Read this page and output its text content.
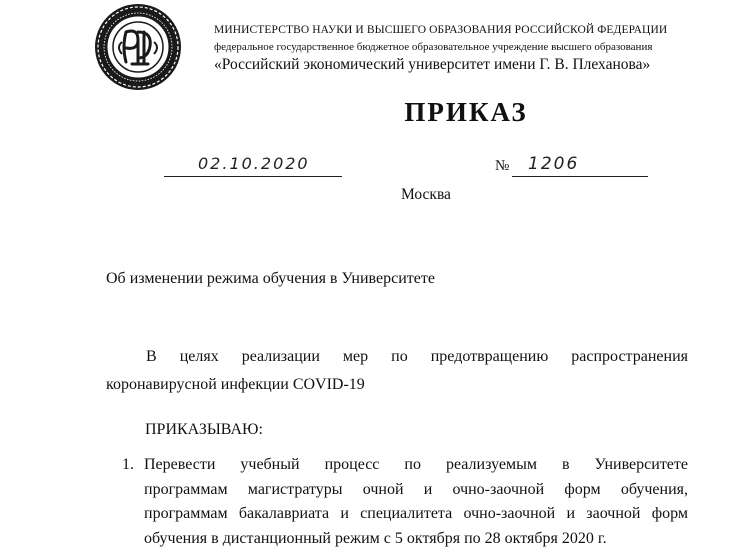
МИНИСТЕРСТВО НАУКИ И ВЫСШЕГО ОБРАЗОВАНИЯ РОССИЙСКОЙ ФЕДЕРАЦИИ
федеральное государственное бюджетное образовательное учреждение высшего образования
«Российский экономический университет имени Г. В. Плеханова»
ПРИКАЗ
02.10.2020	№ 1206
Москва
Об изменении режима обучения в Университете
В целях реализации мер по предотвращению распространения
коронавирусной инфекции COVID-19
ПРИКАЗЫВАЮ:
1. Перевести учебный процесс по реализуемым в Университете
программам магистратуры очной и очно-заочной форм обучения,
программам бакалавриата и специалитета очно-заочной и заочной форм
обучения в дистанционный режим с 5 октября по 28 октября 2020 г.
